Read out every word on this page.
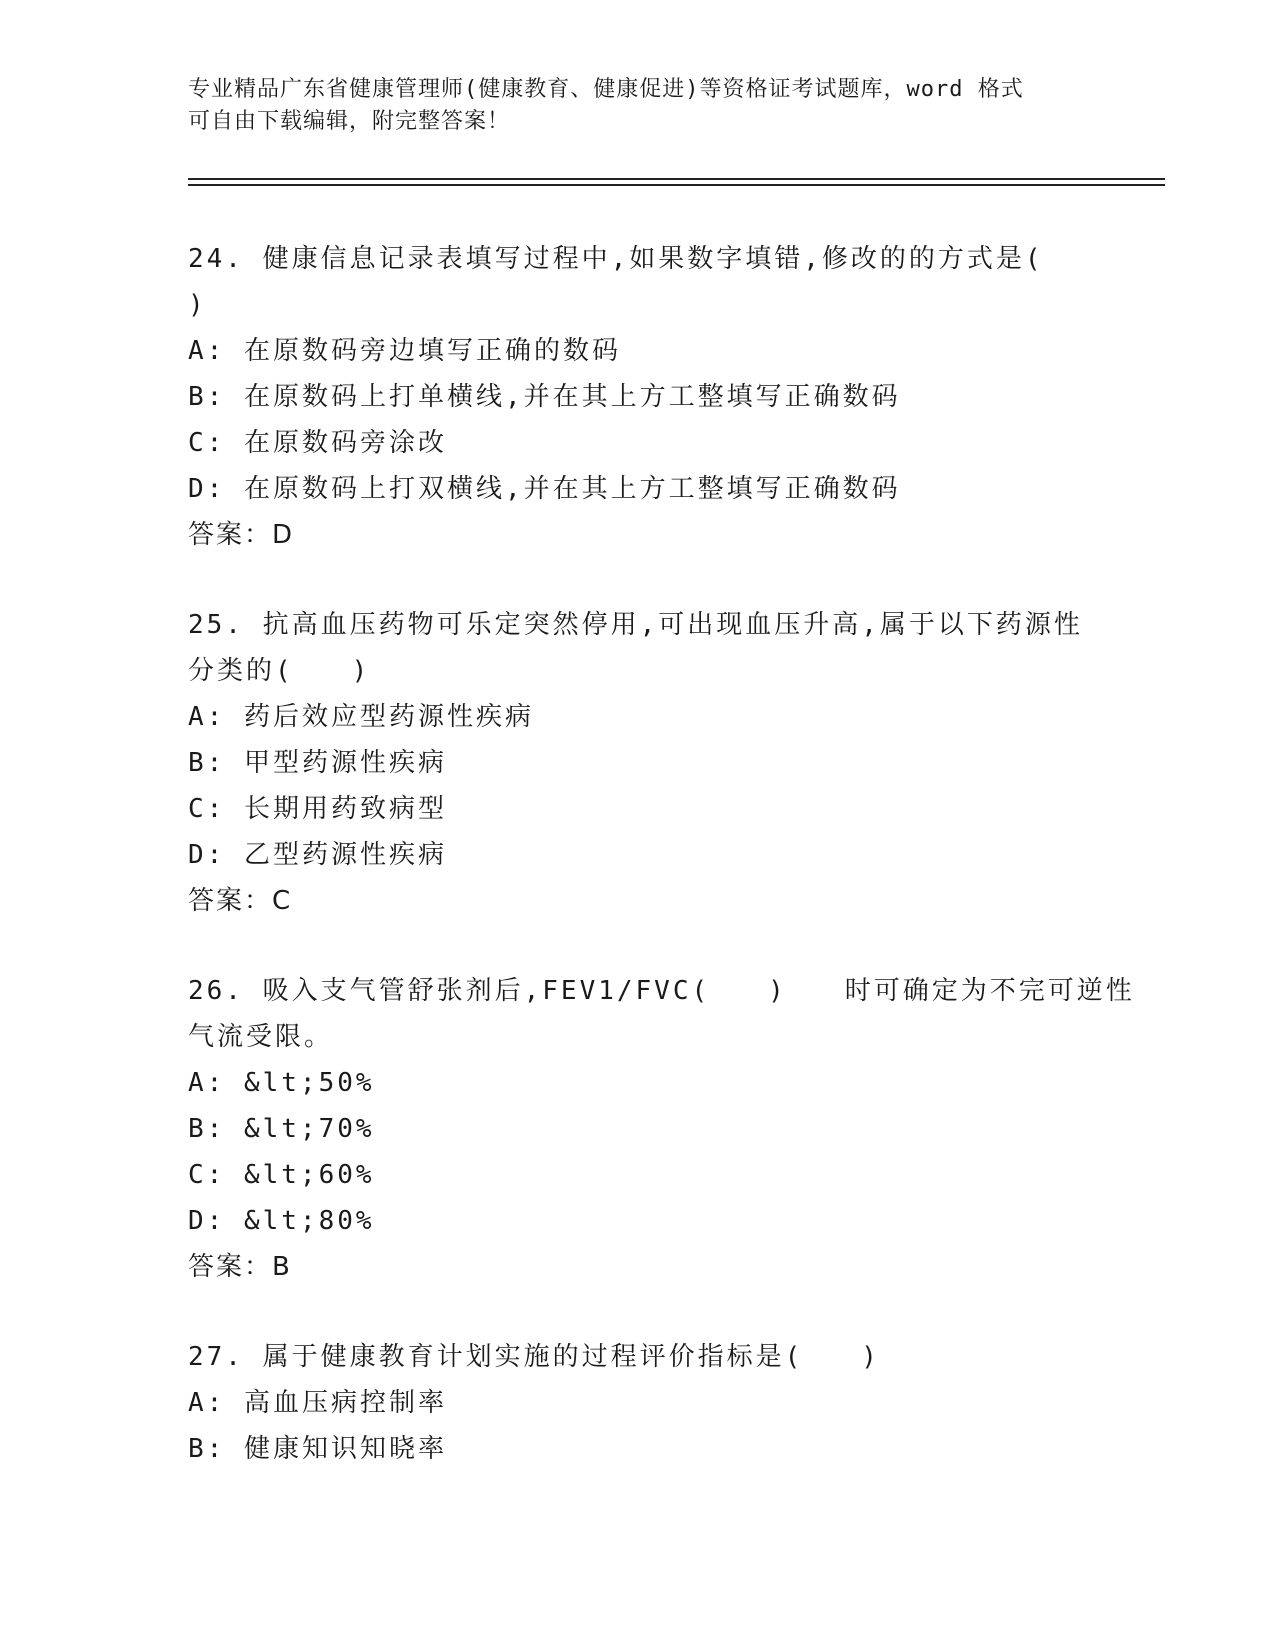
专业精品广东省健康管理师(健康教育、健康促进)等资格证考试题库，word 格式
可自由下载编辑，附完整答案！
24. 健康信息记录表填写过程中,如果数字填错,修改的的方式是(
)
A: 在原数码旁边填写正确的数码
B: 在原数码上打单横线,并在其上方工整填写正确数码
C: 在原数码旁涂改
D: 在原数码上打双横线,并在其上方工整填写正确数码
答案：D
25. 抗高血压药物可乐定突然停用,可出现血压升高,属于以下药源性
分类的(　　)
A: 药后效应型药源性疾病
B: 甲型药源性疾病
C: 长期用药致病型
D: 乙型药源性疾病
答案：C
26. 吸入支气管舒张剂后,FEV1/FVC(　　)　　时可确定为不完可逆性
气流受限。
A: &lt;50%
B: &lt;70%
C: &lt;60%
D: &lt;80%
答案：B
27. 属于健康教育计划实施的过程评价指标是(　　)
A: 高血压病控制率
B: 健康知识知晓率
